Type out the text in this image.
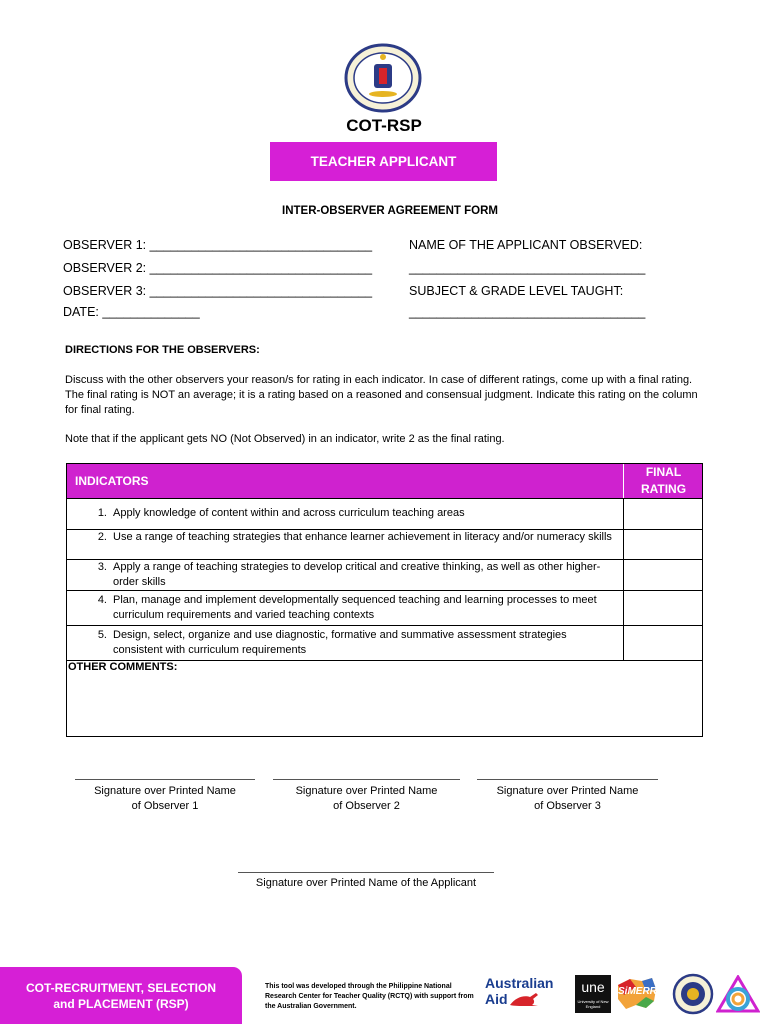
COT-RSP
TEACHER APPLICANT
INTER-OBSERVER AGREEMENT FORM
OBSERVER 1: ________________________________
OBSERVER 2: ________________________________
OBSERVER 3: ________________________________
DATE: ______________
NAME OF THE APPLICANT OBSERVED:
__________________________________
SUBJECT & GRADE LEVEL TAUGHT:
__________________________________
DIRECTIONS FOR THE OBSERVERS:
Discuss with the other observers your reason/s for rating in each indicator. In case of different ratings, come up with a final rating. The final rating is NOT an average; it is a rating based on a reasoned and consensual judgment. Indicate this rating on the column for final rating.
Note that if the applicant gets NO (Not Observed) in an indicator, write 2 as the final rating.
INDICATORS
FINAL
RATING
1. Apply knowledge of content within and across curriculum teaching areas
2. Use a range of teaching strategies that enhance learner achievement in literacy and/or numeracy skills
3. Apply a range of teaching strategies to develop critical and creative thinking, as well as other higher-order skills
4. Plan, manage and implement developmentally sequenced teaching and learning processes to meet curriculum requirements and varied teaching contexts
5. Design, select, organize and use diagnostic, formative and summative assessment strategies consistent with curriculum requirements
OTHER COMMENTS:
Signature over Printed Name
of Observer 1
Signature over Printed Name
of Observer 2
Signature over Printed Name
of Observer 3
Signature over Printed Name of the Applicant
COT-RECRUITMENT, SELECTION
and PLACEMENT (RSP)
This tool was developed through the Philippine National Research Center for Teacher Quality (RCTQ) with support from the Australian Government.
Australian
Aid
une
University of New England
SiMERR
